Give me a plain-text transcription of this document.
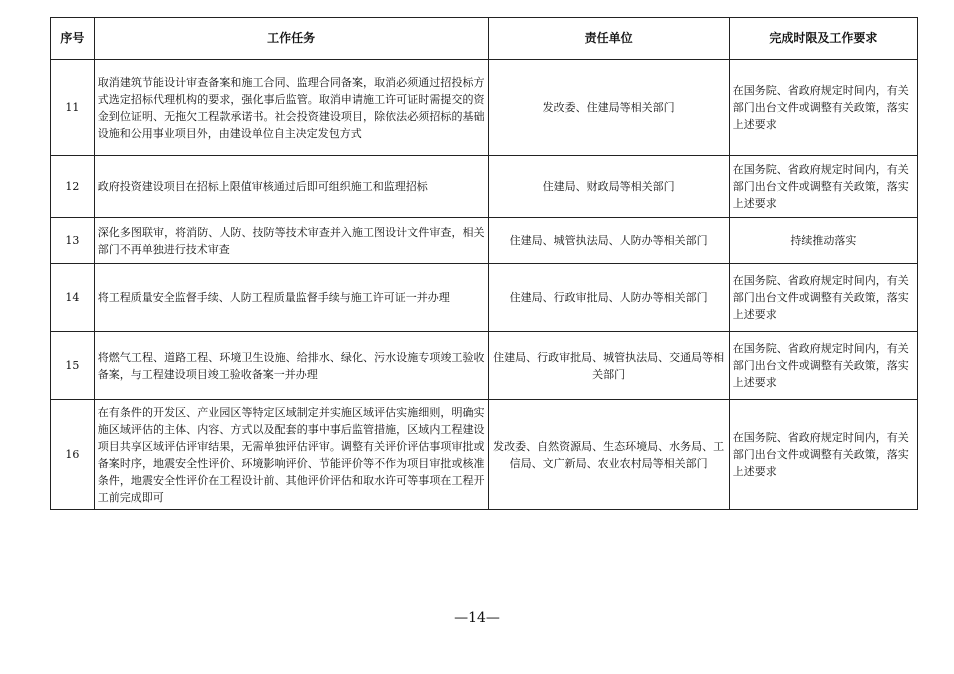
序号	工作任务	责任单位	完成时限及工作要求
11	取消建筑节能设计审查备案和施工合同、监理合同备案，取消必须通过招投标方式选定招标代理机构的要求，强化事后监管。取消申请施工许可证时需提交的资金到位证明、无拖欠工程款承诺书。社会投资建设项目，除依法必须招标的基础设施和公用事业项目外，由建设单位自主决定发包方式	发改委、住建局等相关部门	在国务院、省政府规定时间内，有关部门出台文件或调整有关政策，落实上述要求
12	政府投资建设项目在招标上限值审核通过后即可组织施工和监理招标	住建局、财政局等相关部门	在国务院、省政府规定时间内，有关部门出台文件或调整有关政策，落实上述要求
13	深化多图联审，将消防、人防、技防等技术审查并入施工图设计文件审查，相关部门不再单独进行技术审查	住建局、城管执法局、人防办等相关部门	持续推动落实
14	将工程质量安全监督手续、人防工程质量监督手续与施工许可证一并办理	住建局、行政审批局、人防办等相关部门	在国务院、省政府规定时间内，有关部门出台文件或调整有关政策，落实上述要求
15	将燃气工程、道路工程、环境卫生设施、给排水、绿化、污水设施专项竣工验收备案，与工程建设项目竣工验收备案一并办理	住建局、行政审批局、城管执法局、交通局等相关部门	在国务院、省政府规定时间内，有关部门出台文件或调整有关政策，落实上述要求
16	在有条件的开发区、产业园区等特定区域制定并实施区域评估实施细则，明确实施区域评估的主体、内容、方式以及配套的事中事后监管措施，区域内工程建设项目共享区域评估评审结果，无需单独评估评审。调整有关评价评估事项审批或备案时序，地震安全性评价、环境影响评价、节能评价等不作为项目审批或核准条件，地震安全性评价在工程设计前、其他评价评估和取水许可等事项在工程开工前完成即可	发改委、自然资源局、生态环境局、水务局、工信局、文广新局、农业农村局等相关部门	在国务院、省政府规定时间内，有关部门出台文件或调整有关政策，落实上述要求
—14—
